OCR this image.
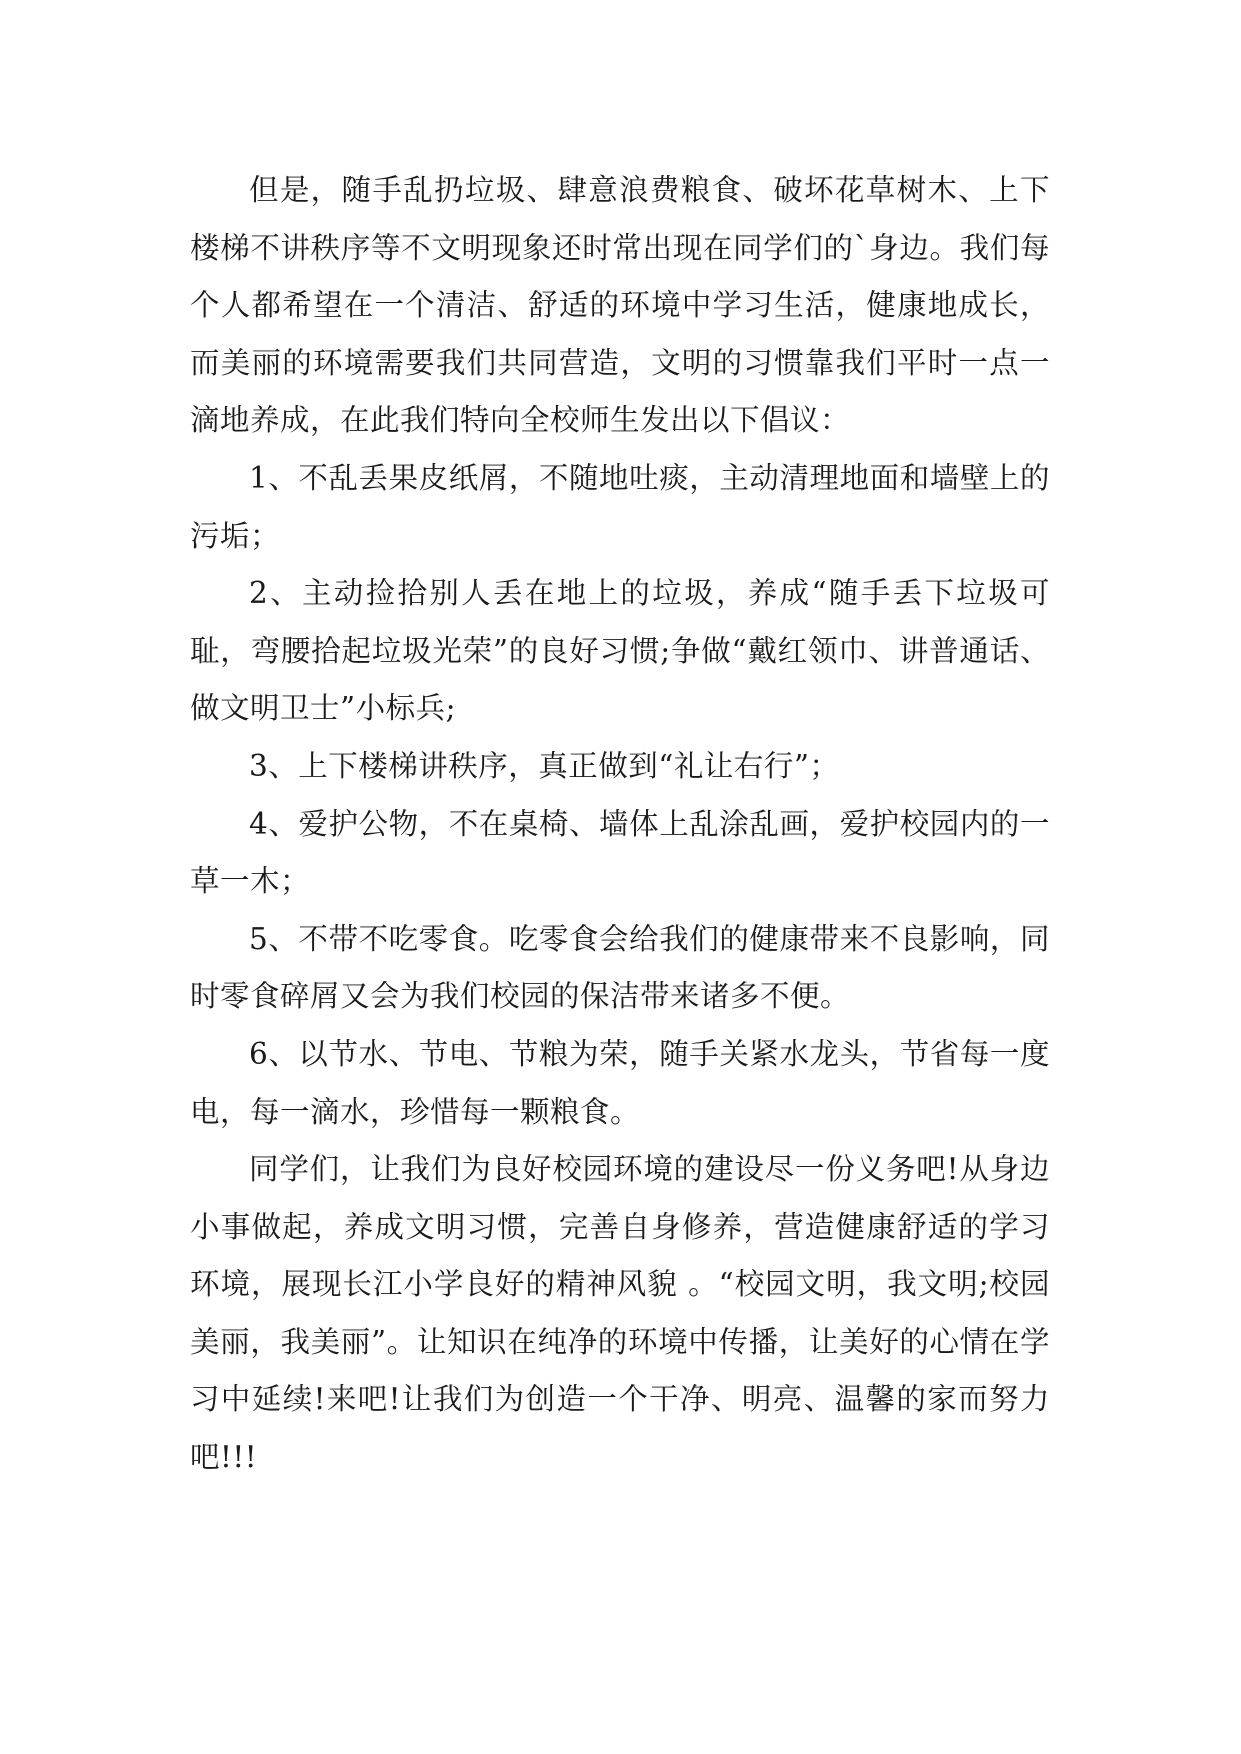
但是，随手乱扔垃圾、肆意浪费粮食、破坏花草树木、上下楼梯不讲秩序等不文明现象还时常出现在同学们的`身边。我们每个人都希望在一个清洁、舒适的环境中学习生活，健康地成长，而美丽的环境需要我们共同营造，文明的习惯靠我们平时一点一滴地养成，在此我们特向全校师生发出以下倡议：

1、不乱丢果皮纸屑，不随地吐痰，主动清理地面和墙壁上的污垢；

2、主动捡拾别人丢在地上的垃圾，养成“随手丢下垃圾可耻，弯腰拾起垃圾光荣”的良好习惯;争做“戴红领巾、讲普通话、做文明卫士”小标兵;

3、上下楼梯讲秩序，真正做到“礼让右行”；

4、爱护公物，不在桌椅、墙体上乱涂乱画，爱护校园内的一草一木；

5、不带不吃零食。吃零食会给我们的健康带来不良影响，同时零食碎屑又会为我们校园的保洁带来诸多不便。

6、以节水、节电、节粮为荣，随手关紧水龙头，节省每一度电，每一滴水，珍惜每一颗粮食。

同学们，让我们为良好校园环境的建设尽一份义务吧!从身边小事做起，养成文明习惯，完善自身修养，营造健康舒适的学习环境，展现长江小学良好的精神风貌 。“校园文明，我文明;校园美丽，我美丽”。让知识在纯净的环境中传播，让美好的心情在学习中延续!来吧!让我们为创造一个干净、明亮、温馨的家而努力吧!!!
